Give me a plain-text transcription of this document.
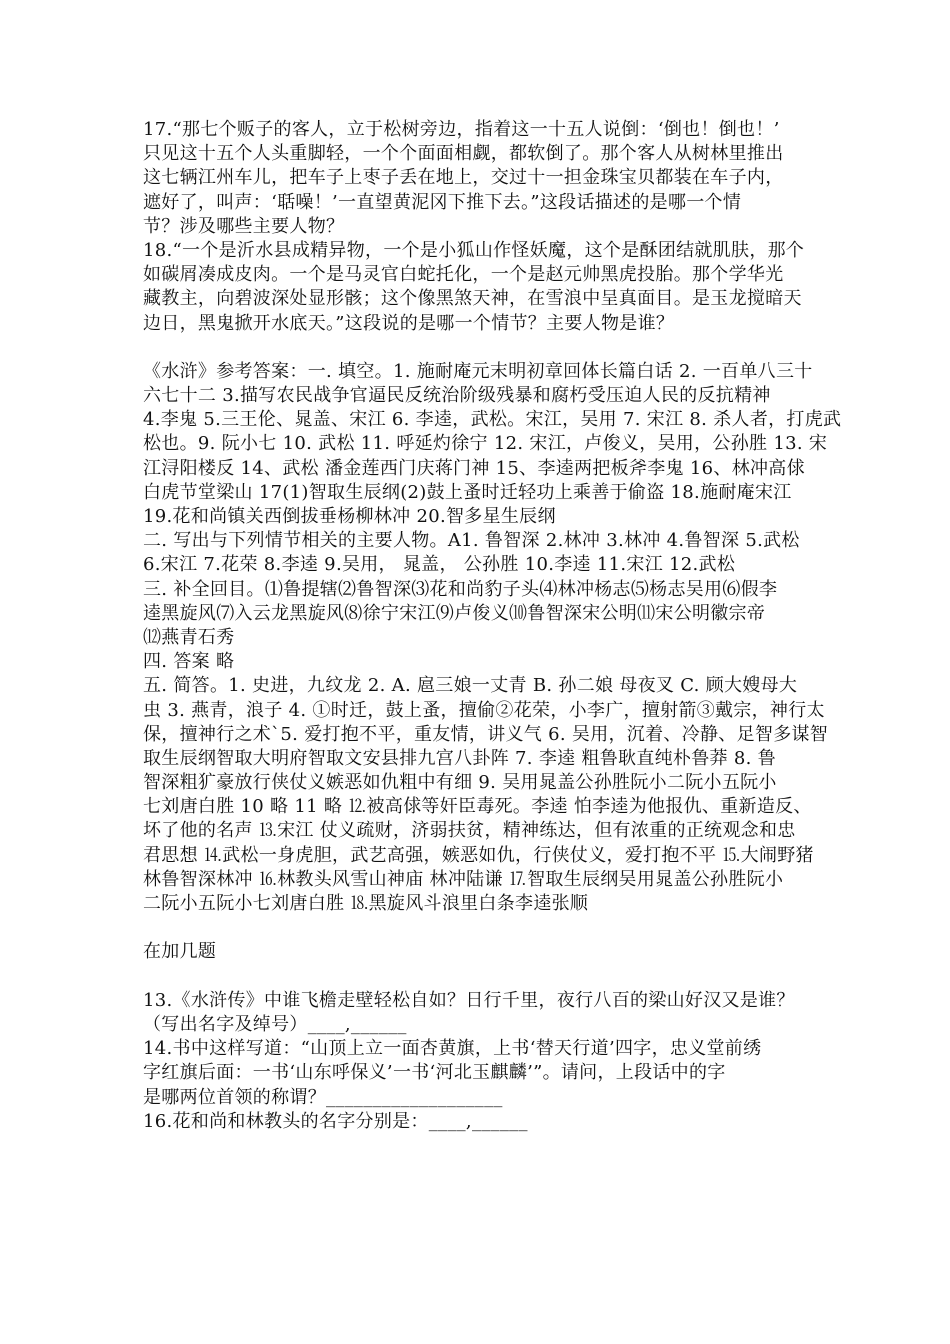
17.“那七个贩子的客人，立于松树旁边，指着这一十五人说倒：‘倒也！倒也！’
只见这十五个人头重脚轻，一个个面面相觑，都软倒了。那个客人从树林里推出
这七辆江州车儿，把车子上枣子丢在地上，交过十一担金珠宝贝都装在车子内，
遮好了，叫声：‘聒噪！’一直望黄泥冈下推下去。”这段话描述的是哪一个情
节？涉及哪些主要人物？
18.“一个是沂水县成精异物，一个是小狐山作怪妖魔，这个是酥团结就肌肤，那个
如碳屑凑成皮肉。一个是马灵官白蛇托化，一个是赵元帅黑虎投胎。那个学华光
藏教主，向碧波深处显形骸；这个像黑煞天神，在雪浪中呈真面目。是玉龙搅暗天
边日，黑鬼掀开水底天。”这段说的是哪一个情节？主要人物是谁？
《水浒》参考答案：一. 填空。1. 施耐庵元末明初章回体长篇白话 2. 一百单八三十
六七十二 3.描写农民战争官逼民反统治阶级残暴和腐朽受压迫人民的反抗精神
4.李鬼 5.三王伦、晁盖、宋江 6. 李逵，武松。宋江，吴用 7. 宋江 8. 杀人者，打虎武
松也。9. 阮小七 10. 武松 11. 呼延灼徐宁 12. 宋江，卢俊义，吴用，公孙胜 13. 宋
江浔阳楼反 14、武松 潘金莲西门庆蒋门神 15、李逵两把板斧李鬼 16、林冲高俅
白虎节堂梁山 17(1)智取生辰纲(2)鼓上蚤时迁轻功上乘善于偷盗 18.施耐庵宋江
19.花和尚镇关西倒拔垂杨柳林冲 20.智多星生辰纲
二. 写出与下列情节相关的主要人物。A1. 鲁智深 2.林冲 3.林冲 4.鲁智深 5.武松
6.宋江 7.花荣 8.李逵 9.吴用， 晁盖， 公孙胜 10.李逵 11.宋江 12.武松
三. 补全回目。⑴鲁提辖⑵鲁智深⑶花和尚豹子头⑷林冲杨志⑸杨志吴用⑹假李
逵黑旋风⑺入云龙黑旋风⑻徐宁宋江⑼卢俊义⑽鲁智深宋公明⑾宋公明徽宗帝
⑿燕青石秀
四. 答案 略
五. 简答。1. 史进，九纹龙 2. A. 扈三娘一丈青 B. 孙二娘 母夜叉 C. 顾大嫂母大
虫 3. 燕青，浪子 4. ①时迁，鼓上蚤，擅偷②花荣，小李广，擅射箭③戴宗，神行太
保，擅神行之术`5. 爱打抱不平，重友情，讲义气 6. 吴用，沉着、冷静、足智多谋智
取生辰纲智取大明府智取文安县排九宫八卦阵 7. 李逵 粗鲁耿直纯朴鲁莽 8. 鲁
智深粗犷豪放行侠仗义嫉恶如仇粗中有细 9. 吴用晁盖公孙胜阮小二阮小五阮小
七刘唐白胜 10 略 11 略 ⒓被高俅等奸臣毒死。李逵 怕李逵为他报仇、重新造反、
坏了他的名声 ⒔宋江 仗义疏财，济弱扶贫，精神练达，但有浓重的正统观念和忠
君思想 ⒕武松一身虎胆，武艺高强，嫉恶如仇，行侠仗义，爱打抱不平 ⒖大闹野猪
林鲁智深林冲 ⒗林教头风雪山神庙 林冲陆谦 ⒘智取生辰纲吴用晁盖公孙胜阮小
二阮小五阮小七刘唐白胜 ⒙黑旋风斗浪里白条李逵张顺
在加几题
13.《水浒传》中谁飞檐走壁轻松自如？日行千里，夜行八百的梁山好汉又是谁？
（写出名字及绰号）____,______
14.书中这样写道：“山顶上立一面杏黄旗，上书‘替天行道’四字，忠义堂前绣
字红旗后面：一书‘山东呼保义’一书‘河北玉麒麟’”。请问，上段话中的字
是哪两位首领的称谓？___________________
16.花和尚和林教头的名字分别是：____,______
